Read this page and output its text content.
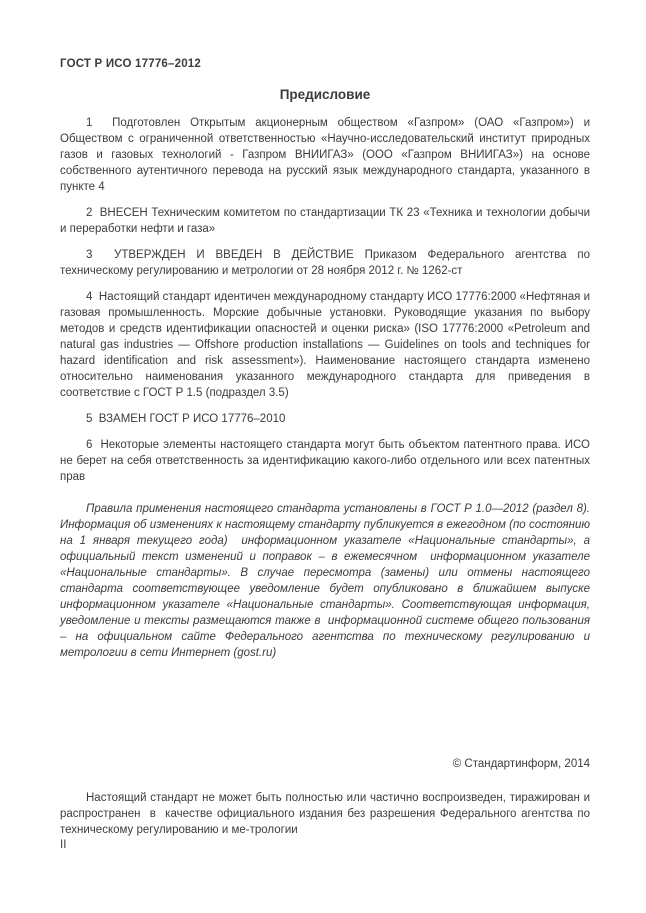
ГОСТ Р ИСО 17776–2012
Предисловие

1  Подготовлен Открытым акционерным обществом «Газпром» (ОАО «Газпром») и Обществом с ограниченной ответственностью «Научно-исследовательский институт природных газов и газовых технологий - Газпром ВНИИГАЗ» (ООО «Газпром ВНИИГАЗ») на основе собственного аутентичного перевода на русский язык международного стандарта, указанного в пункте 4

2  ВНЕСЕН Техническим комитетом по стандартизации ТК 23 «Техника и технологии добычи и переработки нефти и газа»

3  УТВЕРЖДЕН И ВВЕДЕН В ДЕЙСТВИЕ Приказом Федерального агентства по техническому регулированию и метрологии от 28 ноября 2012 г. № 1262-ст

4  Настоящий стандарт идентичен международному стандарту ИСО 17776:2000 «Нефтяная и газовая промышленность. Морские добычные установки. Руководящие указания по выбору методов и средств идентификации опасностей и оценки риска» (ISO 17776:2000 «Petroleum and natural gas industries — Offshore production installations — Guidelines on tools and techniques for hazard identification and risk assessment»). Наименование настоящего стандарта изменено относительно наименования указанного международного стандарта для приведения в соответствие с ГОСТ Р 1.5 (подраздел 3.5)

5  ВЗАМЕН ГОСТ Р ИСО 17776–2010

6  Некоторые элементы настоящего стандарта могут быть объектом патентного права. ИСО не берет на себя ответственность за идентификацию какого-либо отдельного или всех патентных прав

Правила применения настоящего стандарта установлены в ГОСТ Р 1.0—2012 (раздел 8). Информация об изменениях к настоящему стандарту публикуется в ежегодном (по состоянию на 1 января текущего года)  информационном указателе «Национальные стандарты», а официальный текст изменений и поправок – в ежемесячном  информационном указателе «Национальные стандарты». В случае пересмотра (замены) или отмены настоящего стандарта соответствующее уведомление будет опубликовано в ближайшем выпуске информационном указателе «Национальные стандарты». Соответствующая информация, уведомление и тексты размещаются также в  информационной системе общего пользования – на официальном сайте Федерального агентства по техническому регулированию и метрологии в сети Интернет (gost.ru)

© Стандартинформ, 2014

Настоящий стандарт не может быть полностью или частично воспроизведен, тиражирован и распространен  в  качестве официального издания без разрешения Федерального агентства по техническому регулированию и ме-трологии

II
